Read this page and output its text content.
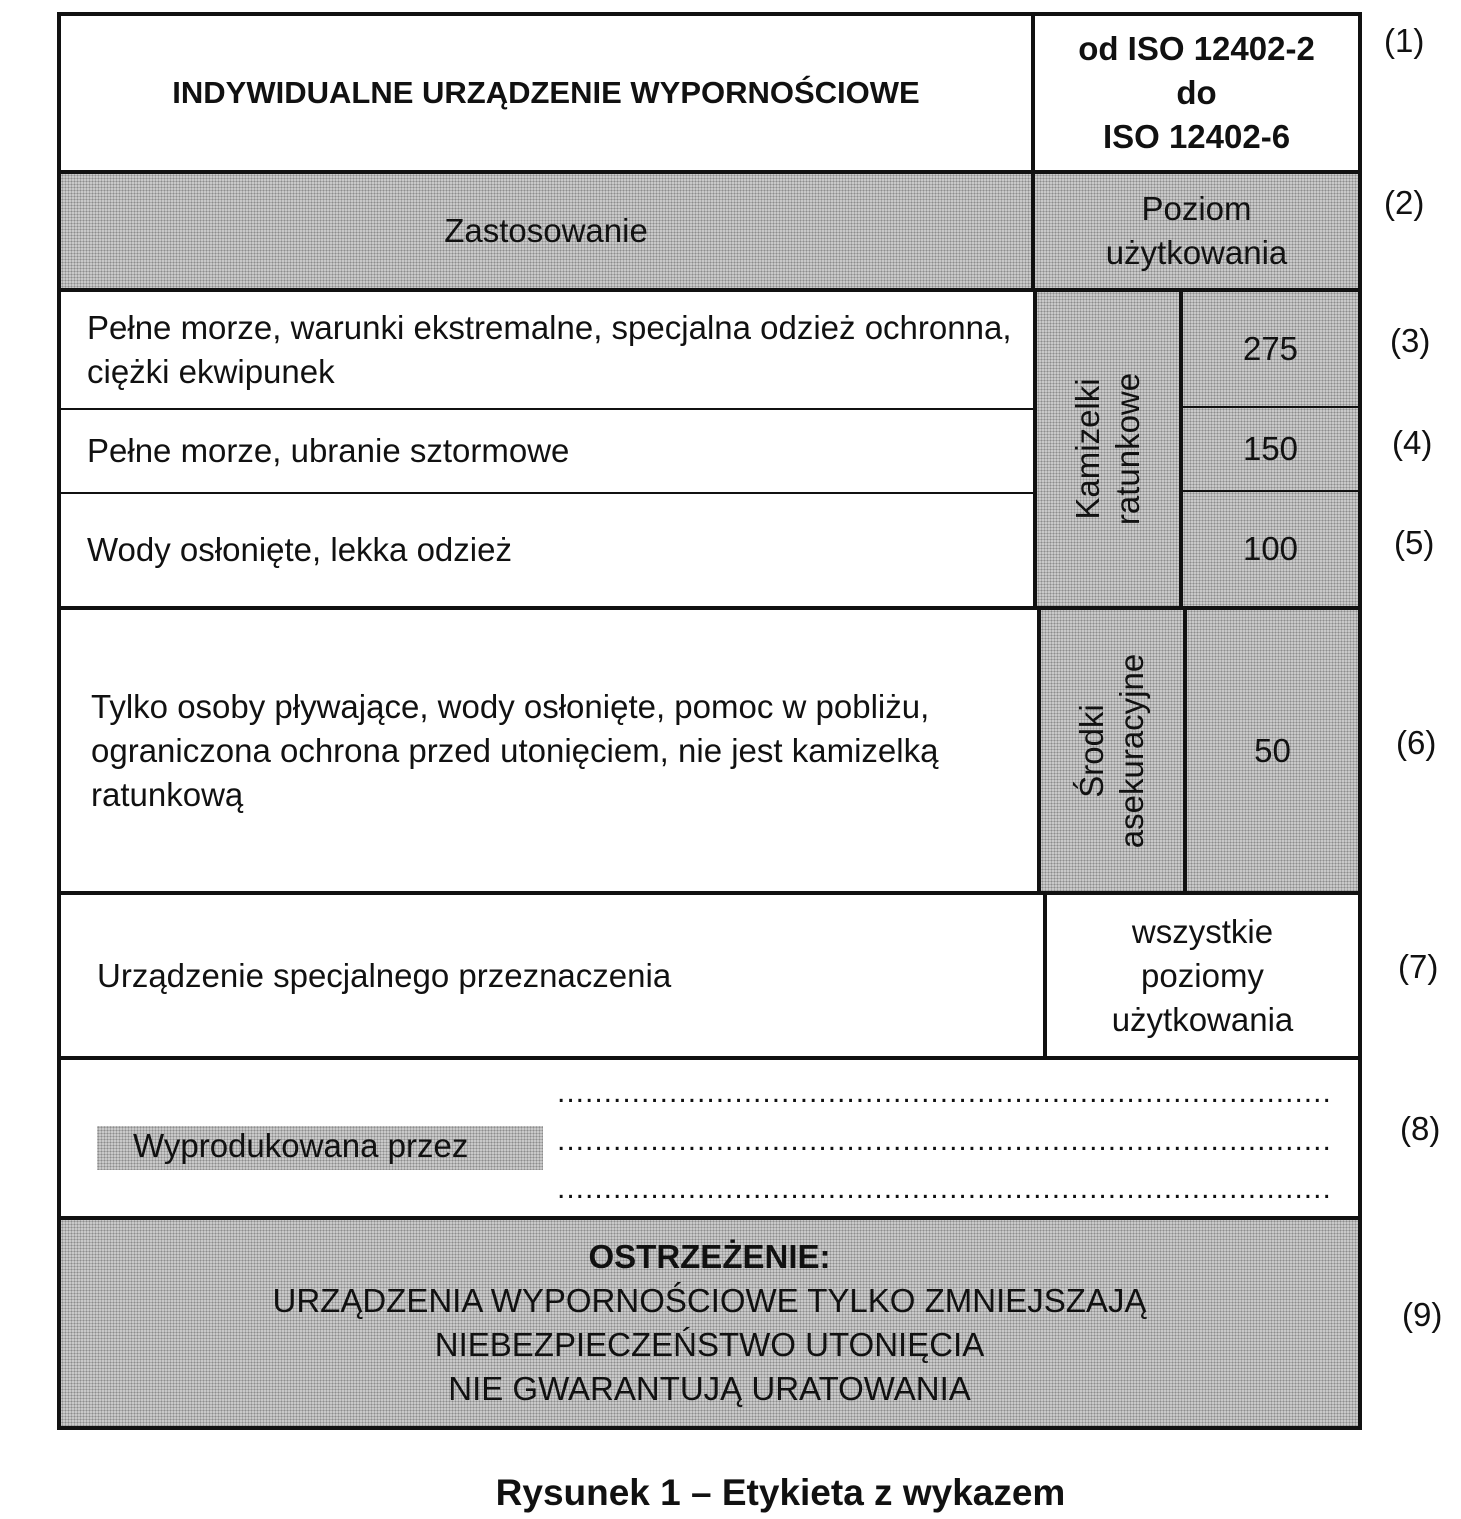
INDYWIDUALNE URZĄDZENIE WYPORNOŚCIOWE
od ISO 12402-2
do
ISO 12402-6
Zastosowanie
Poziom
użytkowania
Pełne morze, warunki ekstremalne, specjalna odzież ochronna, ciężki ekwipunek
Pełne morze, ubranie sztormowe
Wody osłonięte, lekka odzież
Kamizelki ratunkowe
275
150
100
Tylko osoby pływające, wody osłonięte, pomoc w pobliżu, ograniczona ochrona przed utonięciem, nie jest kamizelką ratunkową	Środki asekuracyjne	50
Urządzenie specjalnego przeznaczenia
wszystkie
poziomy
użytkowania
Wyprodukowana przez
...................................................................................
...................................................................................
...................................................................................
OSTRZEŻENIE:
URZĄDZENIA WYPORNOŚCIOWE TYLKO ZMNIEJSZAJĄ
NIEBEZPIECZEŃSTWO UTONIĘCIA
NIE GWARANTUJĄ URATOWANIA
(1)
(2)
(3)
(4)
(5)
(6)
(7)
(8)
(9)
Rysunek 1 – Etykieta z wykazem
